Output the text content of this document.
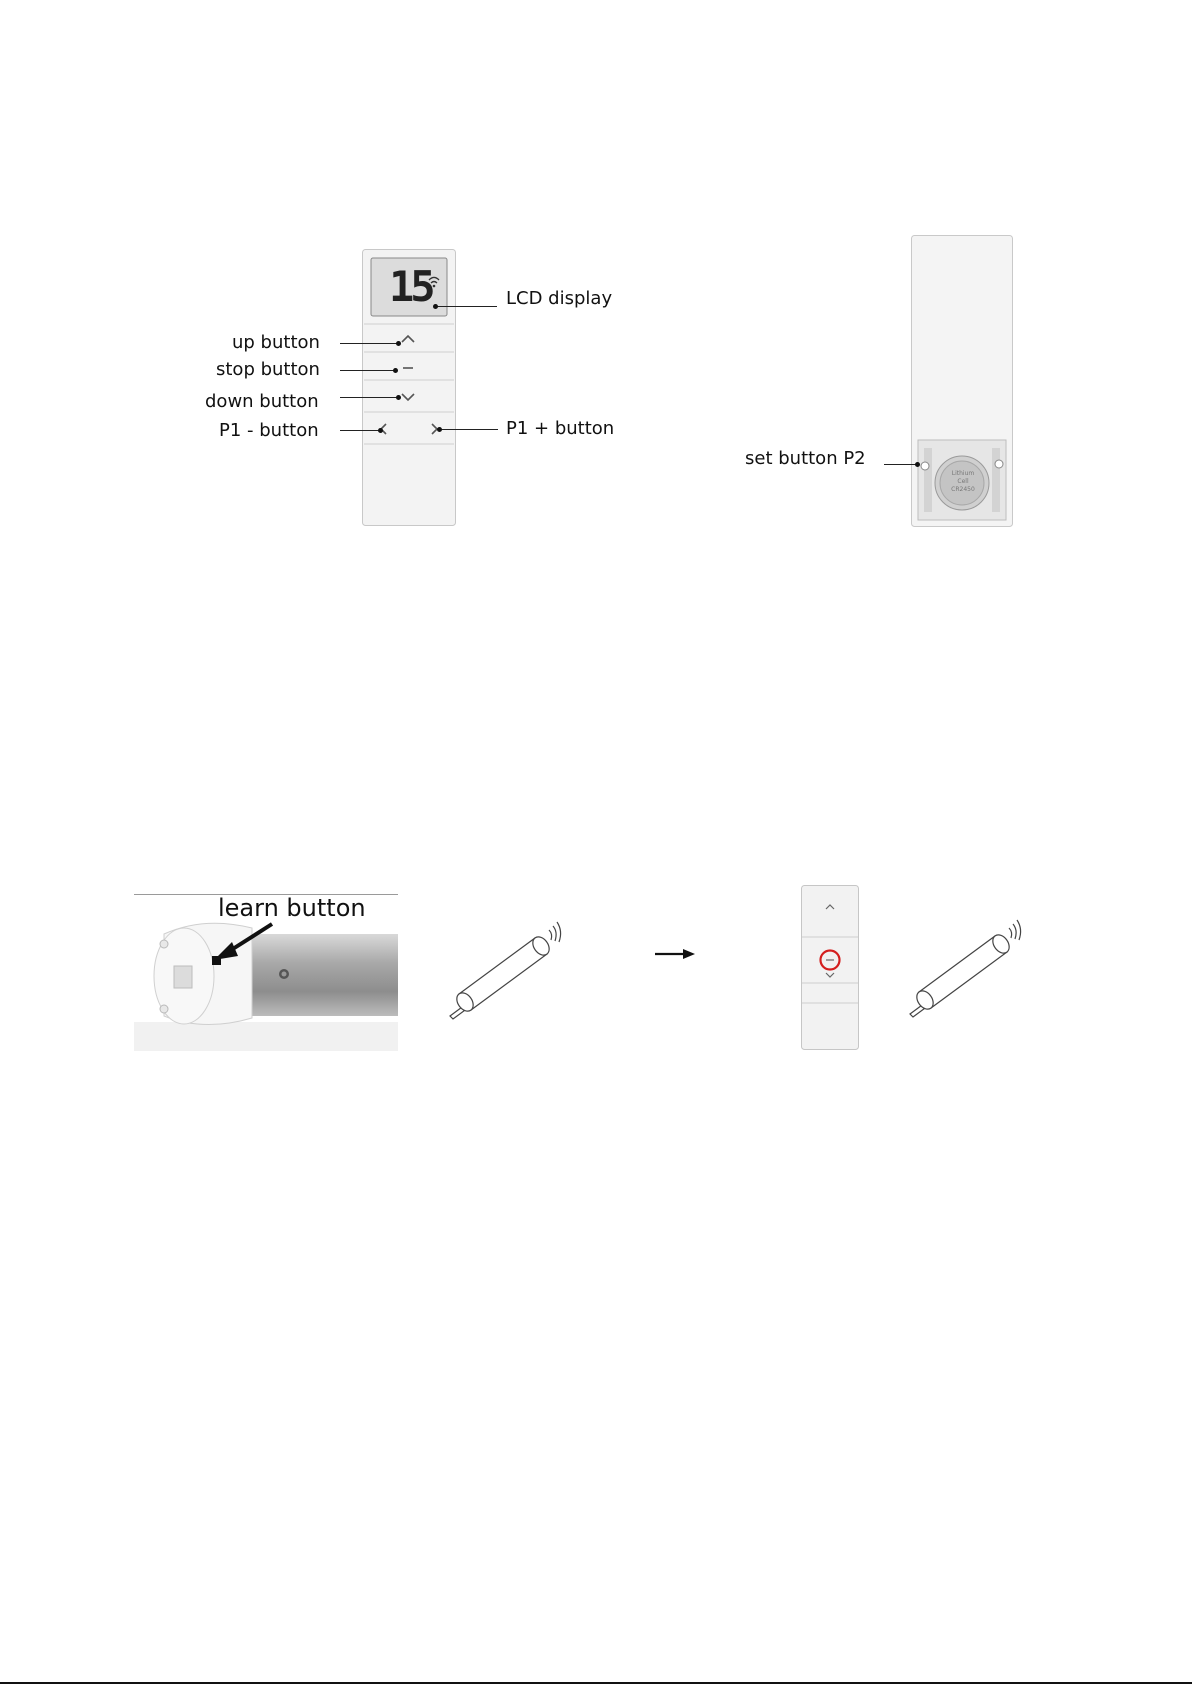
15	LCD display
up button
stop button
down button
P1 - button	P1 + button
Lithium Cell CR2450
set button P2
learn button
